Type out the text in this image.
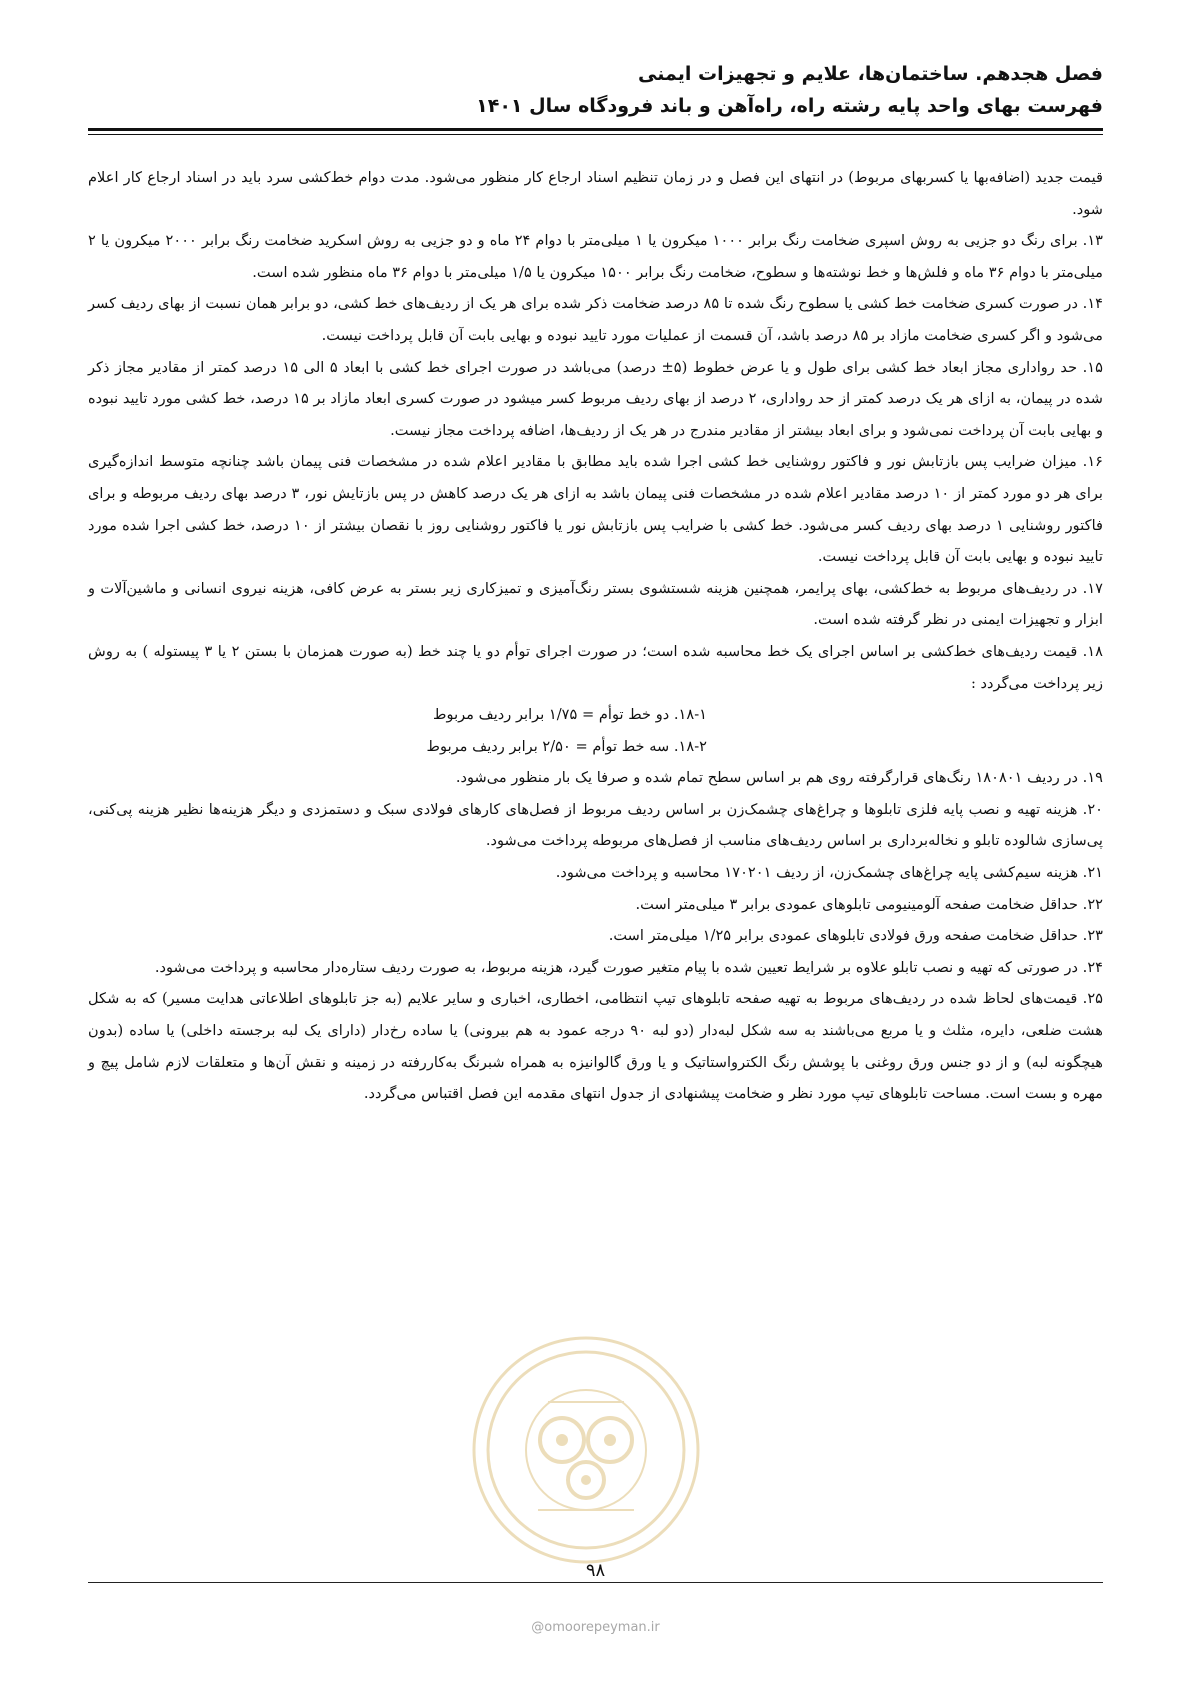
فصل هجدهم. ساختمان‌ها، علایم و تجهیزات ایمنی
فهرست بهای واحد پایه رشته راه، راه‌آهن و باند فرودگاه سال ۱۴۰۱

قیمت جدید (اضافه‌بها یا کسربهای مربوط) در انتهای این فصل و در زمان تنظیم اسناد ارجاع کار منظور می‌شود. مدت دوام خط‌کشی سرد باید در اسناد ارجاع کار اعلام شود.

۱۳. برای رنگ دو جزیی به روش اسپری ضخامت رنگ برابر ۱۰۰۰ میکرون یا ۱ میلی‌متر با دوام ۲۴ ماه و دو جزیی به روش اسکرید ضخامت رنگ برابر ۲۰۰۰ میکرون یا ۲ میلی‌متر با دوام ۳۶ ماه و فلش‌ها و خط نوشته‌ها و سطوح، ضخامت رنگ برابر ۱۵۰۰ میکرون یا ۱/۵ میلی‌متر با دوام ۳۶ ماه منظور شده است.

۱۴. در صورت کسری ضخامت خط کشی یا سطوح رنگ شده تا ۸۵ درصد ضخامت ذکر شده برای هر یک از ردیف‌های خط کشی، دو برابر همان نسبت از بهای ردیف کسر می‌شود و اگر کسری ضخامت مازاد بر ۸۵ درصد باشد، آن قسمت از عملیات مورد تایید نبوده و بهایی بابت آن قابل پرداخت نیست.

۱۵. حد رواداری مجاز ابعاد خط کشی برای طول و یا عرض خطوط (۵± درصد) می‌باشد در صورت اجرای خط کشی با ابعاد ۵ الی ۱۵ درصد کمتر از مقادیر مجاز ذکر شده در پیمان، به ازای هر یک درصد کمتر از حد رواداری، ۲ درصد از بهای ردیف مربوط کسر میشود در صورت کسری ابعاد مازاد بر ۱۵ درصد، خط کشی مورد تایید نبوده و بهایی بابت آن پرداخت نمی‌شود و برای ابعاد بیشتر از مقادیر مندرج در هر یک از ردیف‌ها، اضافه پرداخت مجاز نیست.

۱۶. میزان ضرایب پس بازتابش نور و فاکتور روشنایی خط کشی اجرا شده باید مطابق با مقادیر اعلام شده در مشخصات فنی پیمان باشد چنانچه متوسط اندازه‌گیری برای هر دو مورد کمتر از ۱۰ درصد مقادیر اعلام شده در مشخصات فنی پیمان باشد به ازای هر یک درصد کاهش در پس بازتایش نور، ۳ درصد بهای ردیف مربوطه و برای فاکتور روشنایی ۱ درصد بهای ردیف کسر می‌شود. خط کشی با ضرایب پس بازتابش نور یا فاکتور روشنایی روز با نقصان بیشتر از ۱۰ درصد، خط کشی اجرا شده مورد تایید نبوده و بهایی بابت آن قابل پرداخت نیست.

۱۷. در ردیف‌های مربوط به خط‌کشی، بهای پرایمر، همچنین هزینه شستشوی بستر رنگ‌آمیزی و تمیزکاری زیر بستر به عرض کافی، هزینه نیروی انسانی و ماشین‌آلات و ابزار و تجهیزات ایمنی در نظر گرفته شده است.

۱۸. قیمت ردیف‌های خط‌کشی بر اساس اجرای یک خط محاسبه شده است؛ در صورت اجرای توأم دو یا چند خط (به صورت همزمان با بستن ۲ یا ۳ پیستوله ) به روش زیر پرداخت می‌گردد :

۱۸-۱. دو خط توأم = ۱/۷۵ برابر ردیف مربوط

۱۸-۲. سه خط توأم = ۲/۵۰ برابر ردیف مربوط

۱۹. در ردیف ۱۸۰۸۰۱ رنگ‌های قرارگرفته روی هم بر اساس سطح تمام شده و صرفا یک بار منظور می‌شود.

۲۰. هزینه تهیه و نصب پایه فلزی تابلوها و چراغ‌های چشمک‌زن بر اساس ردیف مربوط از فصل‌های کارهای فولادی سبک و دستمزدی و دیگر هزینه‌ها نظیر هزینه پی‌کنی، پی‌سازی شالوده تابلو و نخاله‌برداری بر اساس ردیف‌های مناسب از فصل‌های مربوطه پرداخت می‌شود.

۲۱. هزینه سیم‌کشی پایه چراغ‌های چشمک‌زن، از ردیف ۱۷۰۲۰۱ محاسبه و پرداخت می‌شود.

۲۲. حداقل ضخامت صفحه آلومینیومی تابلوهای عمودی برابر ۳ میلی‌متر است.

۲۳. حداقل ضخامت صفحه ورق فولادی تابلوهای عمودی برابر ۱/۲۵ میلی‌متر است.

۲۴. در صورتی که تهیه و نصب تابلو علاوه بر شرایط تعیین شده با پیام متغیر صورت گیرد، هزینه مربوط، به صورت ردیف ستاره‌دار محاسبه و پرداخت می‌شود.

۲۵. قیمت‌های لحاظ شده در ردیف‌های مربوط به تهیه صفحه تابلوهای تیپ انتظامی، اخطاری، اخباری و سایر علایم (به جز تابلوهای اطلاعاتی هدایت مسیر) که به شکل هشت ضلعی، دایره، مثلث و یا مربع می‌باشند به سه شکل لبه‌دار (دو لبه ۹۰ درجه عمود به هم بیرونی) یا ساده رخ‌دار (دارای یک لبه برجسته داخلی) یا ساده (بدون هیچگونه لبه) و از دو جنس ورق روغنی با پوشش رنگ الکترواستاتیک و یا ورق گالوانیزه به همراه شبرنگ به‌کاررفته در زمینه و نقش آن‌ها و متعلقات لازم شامل پیچ و مهره و بست است. مساحت تابلوهای تیپ مورد نظر و ضخامت پیشنهادی از جدول انتهای مقدمه این فصل اقتباس می‌گردد.

۹۸
@omoorepeyman.ir
